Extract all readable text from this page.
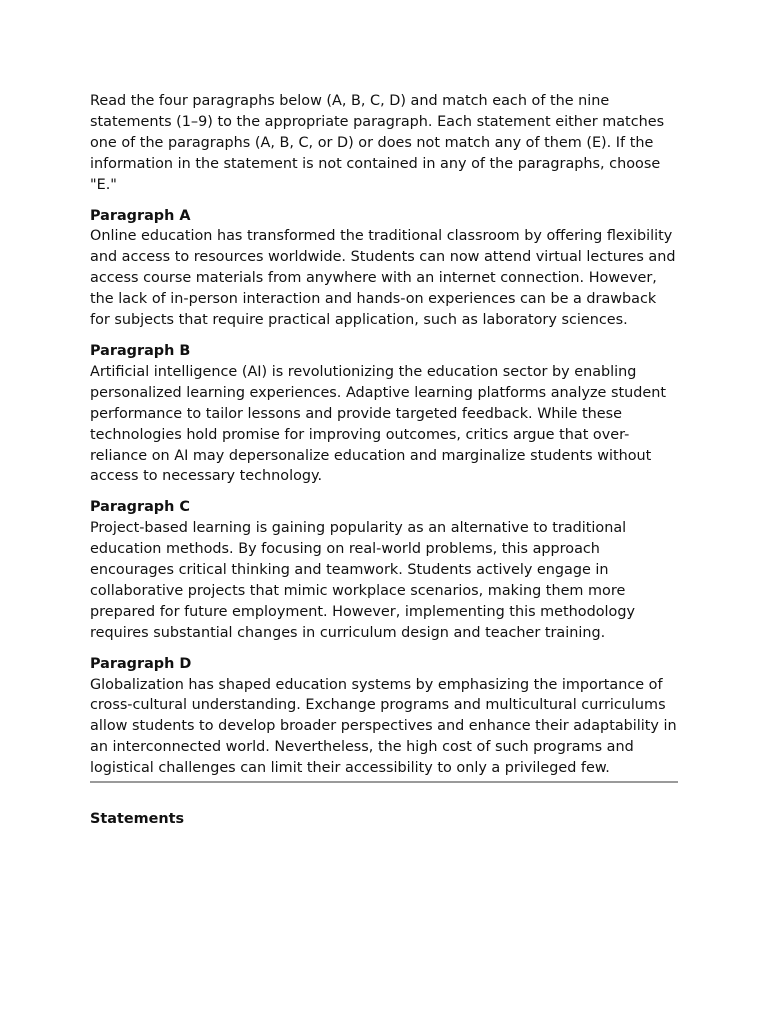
Read the four paragraphs below (A, B, C, D) and match each of the nine statements (1–9) to the appropriate paragraph. Each statement either matches one of the paragraphs (A, B, C, or D) or does not match any of them (E). If the information in the statement is not contained in any of the paragraphs, choose "E."

Paragraph A

Online education has transformed the traditional classroom by offering flexibility and access to resources worldwide. Students can now attend virtual lectures and access course materials from anywhere with an internet connection. However, the lack of in-person interaction and hands-on experiences can be a drawback for subjects that require practical application, such as laboratory sciences.

Paragraph B

Artificial intelligence (AI) is revolutionizing the education sector by enabling personalized learning experiences. Adaptive learning platforms analyze student performance to tailor lessons and provide targeted feedback. While these technologies hold promise for improving outcomes, critics argue that over-reliance on AI may depersonalize education and marginalize students without access to necessary technology.

Paragraph C

Project-based learning is gaining popularity as an alternative to traditional education methods. By focusing on real-world problems, this approach encourages critical thinking and teamwork. Students actively engage in collaborative projects that mimic workplace scenarios, making them more prepared for future employment. However, implementing this methodology requires substantial changes in curriculum design and teacher training.

Paragraph D

Globalization has shaped education systems by emphasizing the importance of cross-cultural understanding. Exchange programs and multicultural curriculums allow students to develop broader perspectives and enhance their adaptability in an interconnected world. Nevertheless, the high cost of such programs and logistical challenges can limit their accessibility to only a privileged few.

Statements
